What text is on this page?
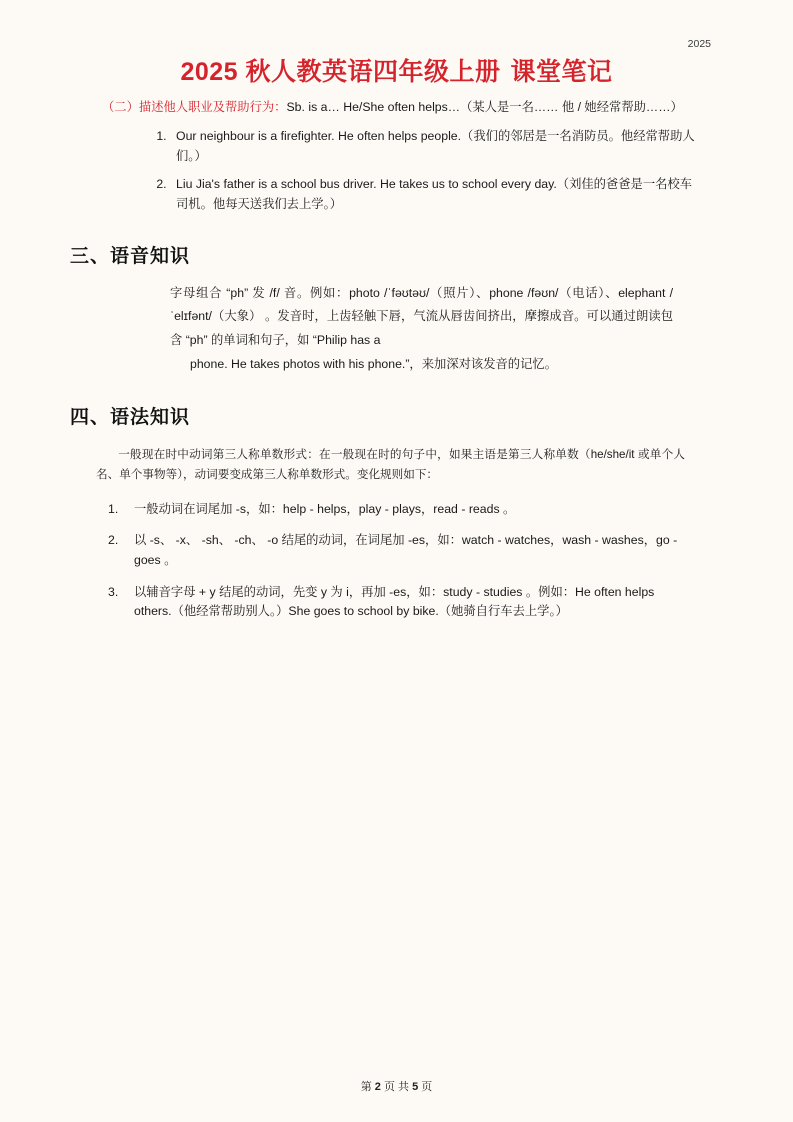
2025
2025 秋人教英语四年级上册 课堂笔记

（二）描述他人职业及帮助行为：Sb. is a… He/She often helps…（某人是一名…… 他 / 她经常帮助……）

1. Our neighbour is a firefighter. He often helps people.（我们的邻居是一名消防员。他经常帮助人们。）
2. Liu Jia's father is a school bus driver. He takes us to school every day.（刘佳的爸爸是一名校车司机。他每天送我们去上学。）
三、语音知识

字母组合 “ph” 发 /f/ 音。例如：photo /ˈfəʊtəʊ/（照片）、phone /fəʊn/（电话）、elephant /ˈelɪfənt/（大象） 。发音时，上齿轻触下唇，气流从唇齿间挤出，摩擦成音。可以通过朗读包含 “ph” 的单词和句子，如 “Philip has a

phone. He takes photos with his phone.”，来加深对该发音的记忆。

四、语法知识

一般现在时中动词第三人称单数形式：在一般现在时的句子中，如果主语是第三人称单数（he/she/it 或单个人名、单个事物等），动词要变成第三人称单数形式。变化规则如下：

一般动词在词尾加 -s，如：help - helps，play - plays，read - reads 。
以 -s、 -x、 -sh、 -ch、 -o 结尾的动词，在词尾加 -es，如：watch - watches，wash - washes，go - goes 。
以辅音字母 + y 结尾的动词，先变 y 为 i，再加 -es，如：study - studies 。例如：He often helps others.（他经常帮助别人。）She goes to school by bike.（她骑自行车去上学。）
第 2 页 共 5 页
